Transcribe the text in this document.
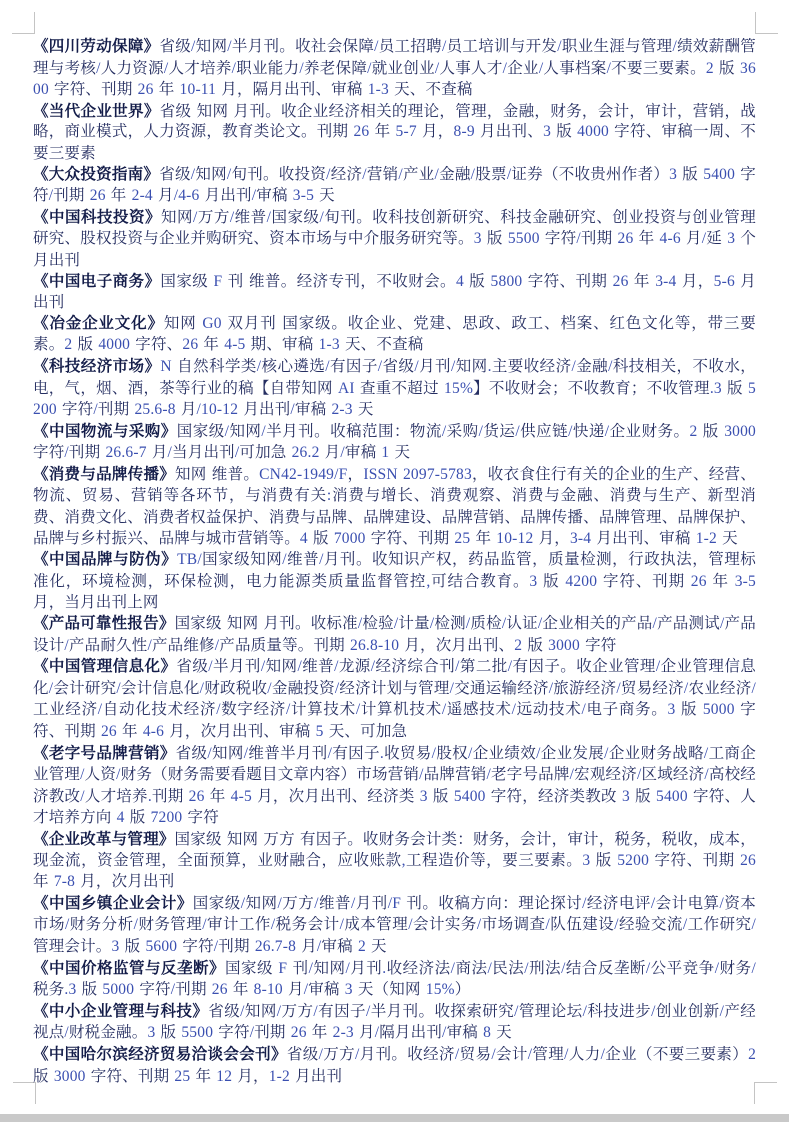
《四川劳动保障》省级/知网/半月刊。收社会保障/员工招聘/员工培训与开发/职业生涯与管理/绩效薪酬管理与考核/人力资源/人才培养/职业能力/养老保障/就业创业/人事人才/企业/人事档案/不要三要素。2 版 3600 字符、刊期 26 年 10-11 月，隔月出刊、审稿 1-3 天、不查稿

《当代企业世界》省级 知网 月刊。收企业经济相关的理论，管理，金融，财务，会计，审计，营销，战略，商业模式，人力资源，教育类论文。刊期 26 年 5-7 月，8-9 月出刊、3 版 4000 字符、审稿一周、不要三要素

《大众投资指南》省级/知网/旬刊。收投资/经济/营销/产业/金融/股票/证券（不收贵州作者）3 版 5400 字符/刊期 26 年 2-4 月/4-6 月出刊/审稿 3-5 天

《中国科技投资》知网/万方/维普/国家级/旬刊。收科技创新研究、科技金融研究、创业投资与创业管理研究、股权投资与企业并购研究、资本市场与中介服务研究等。3 版 5500 字符/刊期 26 年 4-6 月/延 3 个月出刊

《中国电子商务》国家级 F 刊 维普。经济专刊，不收财会。4 版 5800 字符、刊期 26 年 3-4 月，5-6 月出刊

《冶金企业文化》知网 G0 双月刊 国家级。收企业、党建、思政、政工、档案、红色文化等，带三要素。2 版 4000 字符、26 年 4-5 期、审稿 1-3 天、不查稿

《科技经济市场》N 自然科学类/核心遴选/有因子/省级/月刊/知网.主要收经济/金融/科技相关，不收水，电，气，烟、酒，茶等行业的稿【自带知网 AI 查重不超过 15%】不收财会；不收教育；不收管理.3 版 5200 字符/刊期 25.6-8 月/10-12 月出刊/审稿 2-3 天

《中国物流与采购》国家级/知网/半月刊。收稿范围：物流/采购/货运/供应链/快递/企业财务。2 版 3000 字符/刊期 26.6-7 月/当月出刊/可加急 26.2 月/审稿 1 天

《消费与品牌传播》知网 维普。CN42-1949/F，ISSN 2097-5783，收衣食住行有关的企业的生产、经营、物流、贸易、营销等各环节，与消费有关:消费与增长、消费观察、消费与金融、消费与生产、新型消费、消费文化、消费者权益保护、消费与品牌、品牌建设、品牌营销、品牌传播、品牌管理、品牌保护、品牌与乡村振兴、品牌与城市营销等。4 版 7000 字符、刊期 25 年 10-12 月，3-4 月出刊、审稿 1-2 天

《中国品牌与防伪》TB/国家级知网/维普/月刊。收知识产权，药品监管，质量检测，行政执法，管理标准化，环境检测，环保检测，电力能源类质量监督管控,可结合教育。3 版 4200 字符、刊期 26 年 3-5 月，当月出刊上网

《产品可靠性报告》国家级 知网 月刊。收标准/检验/计量/检测/质检/认证/企业相关的产品/产品测试/产品设计/产品耐久性/产品维修/产品质量等。刊期 26.8-10 月，次月出刊、2 版 3000 字符

《中国管理信息化》省级/半月刊/知网/维普/龙源/经济综合刊/第二批/有因子。收企业管理/企业管理信息化/会计研究/会计信息化/财政税收/金融投资/经济计划与管理/交通运输经济/旅游经济/贸易经济/农业经济/工业经济/自动化技术经济/数字经济/计算技术/计算机技术/遥感技术/远动技术/电子商务。3 版 5000 字符、刊期 26 年 4-6 月，次月出刊、审稿 5 天、可加急

《老字号品牌营销》省级/知网/维普半月刊/有因子.收贸易/股权/企业绩效/企业发展/企业财务战略/工商企业管理/人资/财务（财务需要看题目文章内容）市场营销/品牌营销/老字号品牌/宏观经济/区域经济/高校经济教改/人才培养.刊期 26 年 4-5 月，次月出刊、经济类 3 版 5400 字符，经济类教改 3 版 5400 字符、人才培养方向 4 版 7200 字符

《企业改革与管理》国家级 知网 万方 有因子。收财务会计类：财务，会计，审计，税务，税收，成本，现金流，资金管理，全面预算，业财融合，应收账款,工程造价等，要三要素。3 版 5200 字符、刊期 26 年 7-8 月，次月出刊

《中国乡镇企业会计》国家级/知网/万方/维普/月刊/F 刊。收稿方向：理论探讨/经济电评/会计电算/资本市场/财务分析/财务管理/审计工作/税务会计/成本管理/会计实务/市场调查/队伍建设/经验交流/工作研究/管理会计。3 版 5600 字符/刊期 26.7-8 月/审稿 2 天

《中国价格监管与反垄断》国家级 F 刊/知网/月刊.收经济法/商法/民法/刑法/结合反垄断/公平竞争/财务/税务.3 版 5000 字符/刊期 26 年 8-10 月/审稿 3 天（知网 15%）

《中小企业管理与科技》省级/知网/万方/有因子/半月刊。收探索研究/管理论坛/科技进步/创业创新/产经视点/财税金融。3 版 5500 字符/刊期 26 年 2-3 月/隔月出刊/审稿 8 天

《中国哈尔滨经济贸易洽谈会会刊》省级/万方/月刊。收经济/贸易/会计/管理/人力/企业（不要三要素）2 版 3000 字符、刊期 25 年 12 月，1-2 月出刊
